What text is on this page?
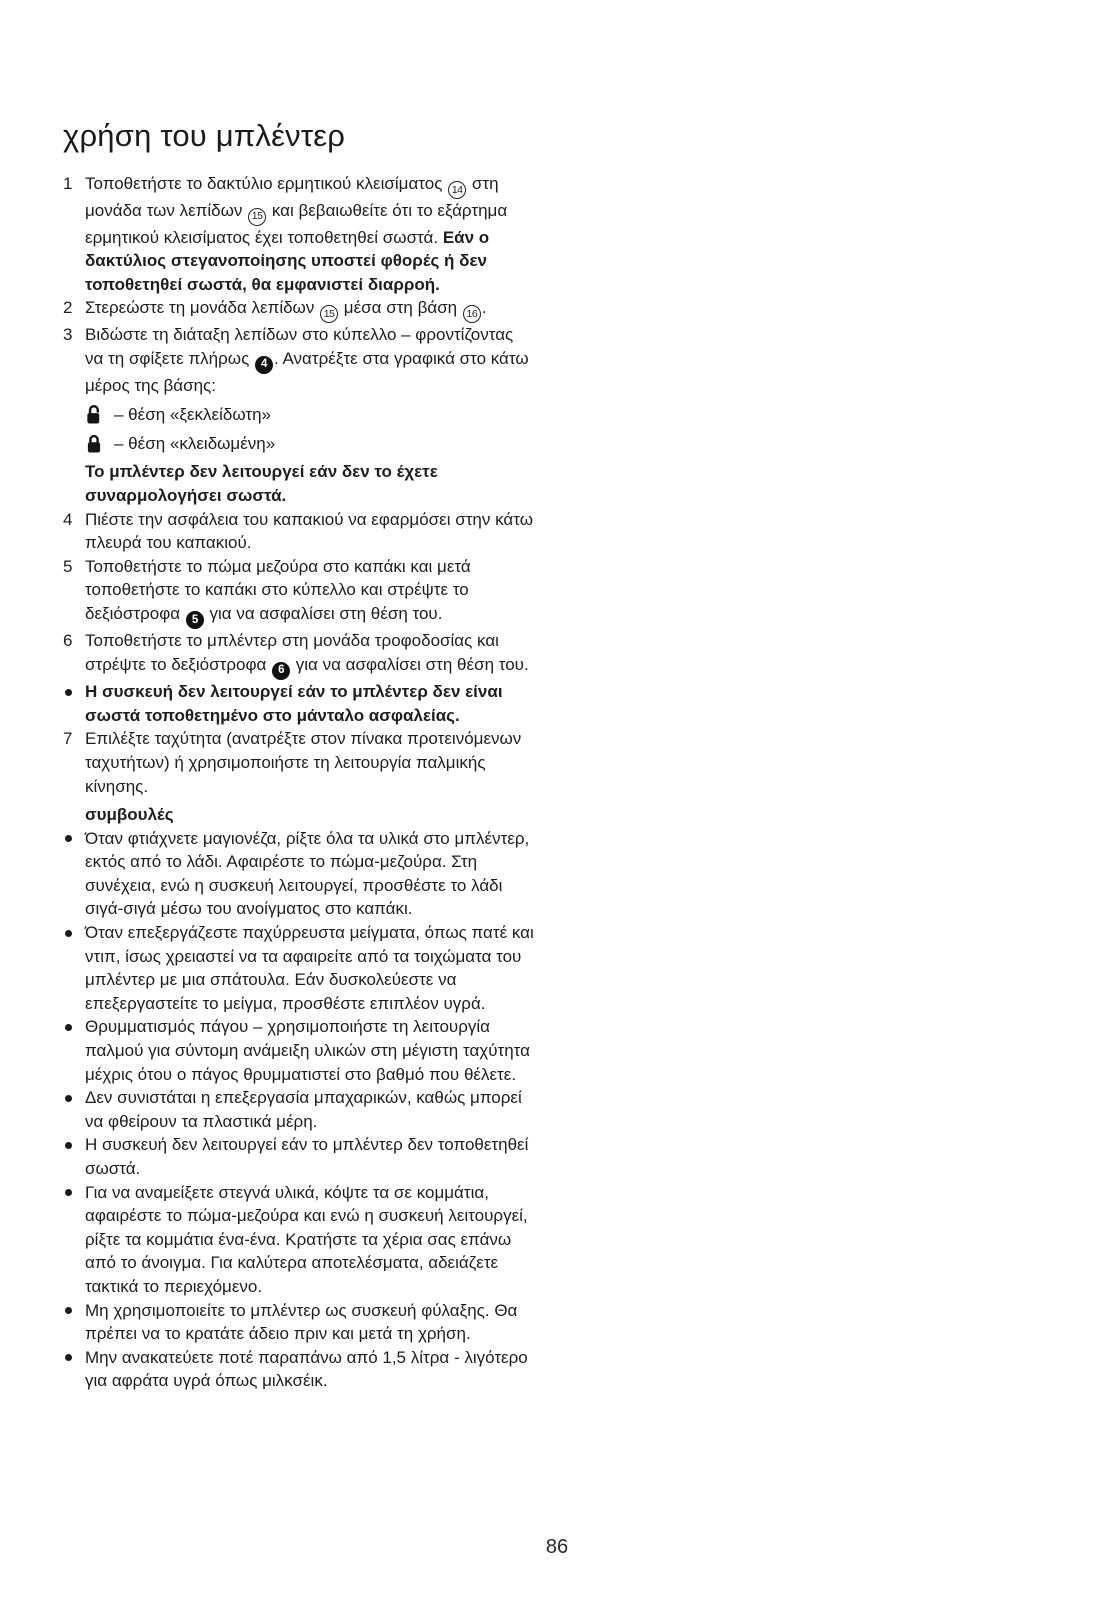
χρήση του μπλέντερ
1 Τοποθετήστε το δακτύλιο ερμητικού κλεισίματος 14 στη μονάδα των λεπίδων 15 και βεβαιωθείτε ότι το εξάρτημα ερμητικού κλεισίματος έχει τοποθετηθεί σωστά. Εάν ο δακτύλιος στεγανοποίησης υποστεί φθορές ή δεν τοποθετηθεί σωστά, θα εμφανιστεί διαρροή.
2 Στερεώστε τη μονάδα λεπίδων 15 μέσα στη βάση 16 .
3 Βιδώστε τη διάταξη λεπίδων στο κύπελλο – φροντίζοντας να τη σφίξετε πλήρως 4 . Ανατρέξτε στα γραφικά στο κάτω μέρος της βάσης:
– θέση «ξεκλείδωτη»
– θέση «κλειδωμένη»
Το μπλέντερ δεν λειτουργεί εάν δεν το έχετε συναρμολογήσει σωστά.
4 Πιέστε την ασφάλεια του καπακιού να εφαρμόσει στην κάτω πλευρά του καπακιού.
5 Τοποθετήστε το πώμα μεζούρα στο καπάκι και μετά τοποθετήστε το καπάκι στο κύπελλο και στρέψτε το δεξιόστροφα 5 για να ασφαλίσει στη θέση του.
6 Τοποθετήστε το μπλέντερ στη μονάδα τροφοδοσίας και στρέψτε το δεξιόστροφα 6 για να ασφαλίσει στη θέση του.
Η συσκευή δεν λειτουργεί εάν το μπλέντερ δεν είναι σωστά τοποθετημένο στο μάνταλο ασφαλείας.
7 Επιλέξτε ταχύτητα (ανατρέξτε στον πίνακα προτεινόμενων ταχυτήτων) ή χρησιμοποιήστε τη λειτουργία παλμικής κίνησης.
συμβουλές
Όταν φτιάχνετε μαγιονέζα, ρίξτε όλα τα υλικά στο μπλέντερ, εκτός από το λάδι. Αφαιρέστε το πώμα-μεζούρα. Στη συνέχεια, ενώ η συσκευή λειτουργεί, προσθέστε το λάδι σιγά-σιγά μέσω του ανοίγματος στο καπάκι.
Όταν επεξεργάζεστε παχύρρευστα μείγματα, όπως πατέ και ντιπ, ίσως χρειαστεί να τα αφαιρείτε από τα τοιχώματα του μπλέντερ με μια σπάτουλα. Εάν δυσκολεύεστε να επεξεργαστείτε το μείγμα, προσθέστε επιπλέον υγρά.
Θρυμματισμός πάγου – χρησιμοποιήστε τη λειτουργία παλμού για σύντομη ανάμειξη υλικών στη μέγιστη ταχύτητα μέχρις ότου ο πάγος θρυμματιστεί στο βαθμό που θέλετε.
Δεν συνιστάται η επεξεργασία μπαχαρικών, καθώς μπορεί να φθείρουν τα πλαστικά μέρη.
Η συσκευή δεν λειτουργεί εάν το μπλέντερ δεν τοποθετηθεί σωστά.
Για να αναμείξετε στεγνά υλικά, κόψτε τα σε κομμάτια, αφαιρέστε το πώμα-μεζούρα και ενώ η συσκευή λειτουργεί, ρίξτε τα κομμάτια ένα-ένα. Κρατήστε τα χέρια σας επάνω από το άνοιγμα. Για καλύτερα αποτελέσματα, αδειάζετε τακτικά το περιεχόμενο.
Μη χρησιμοποιείτε το μπλέντερ ως συσκευή φύλαξης. Θα πρέπει να το κρατάτε άδειο πριν και μετά τη χρήση.
Μην ανακατεύετε ποτέ παραπάνω από 1,5 λίτρα - λιγότερο για αφράτα υγρά όπως μιλκσέικ.
86
